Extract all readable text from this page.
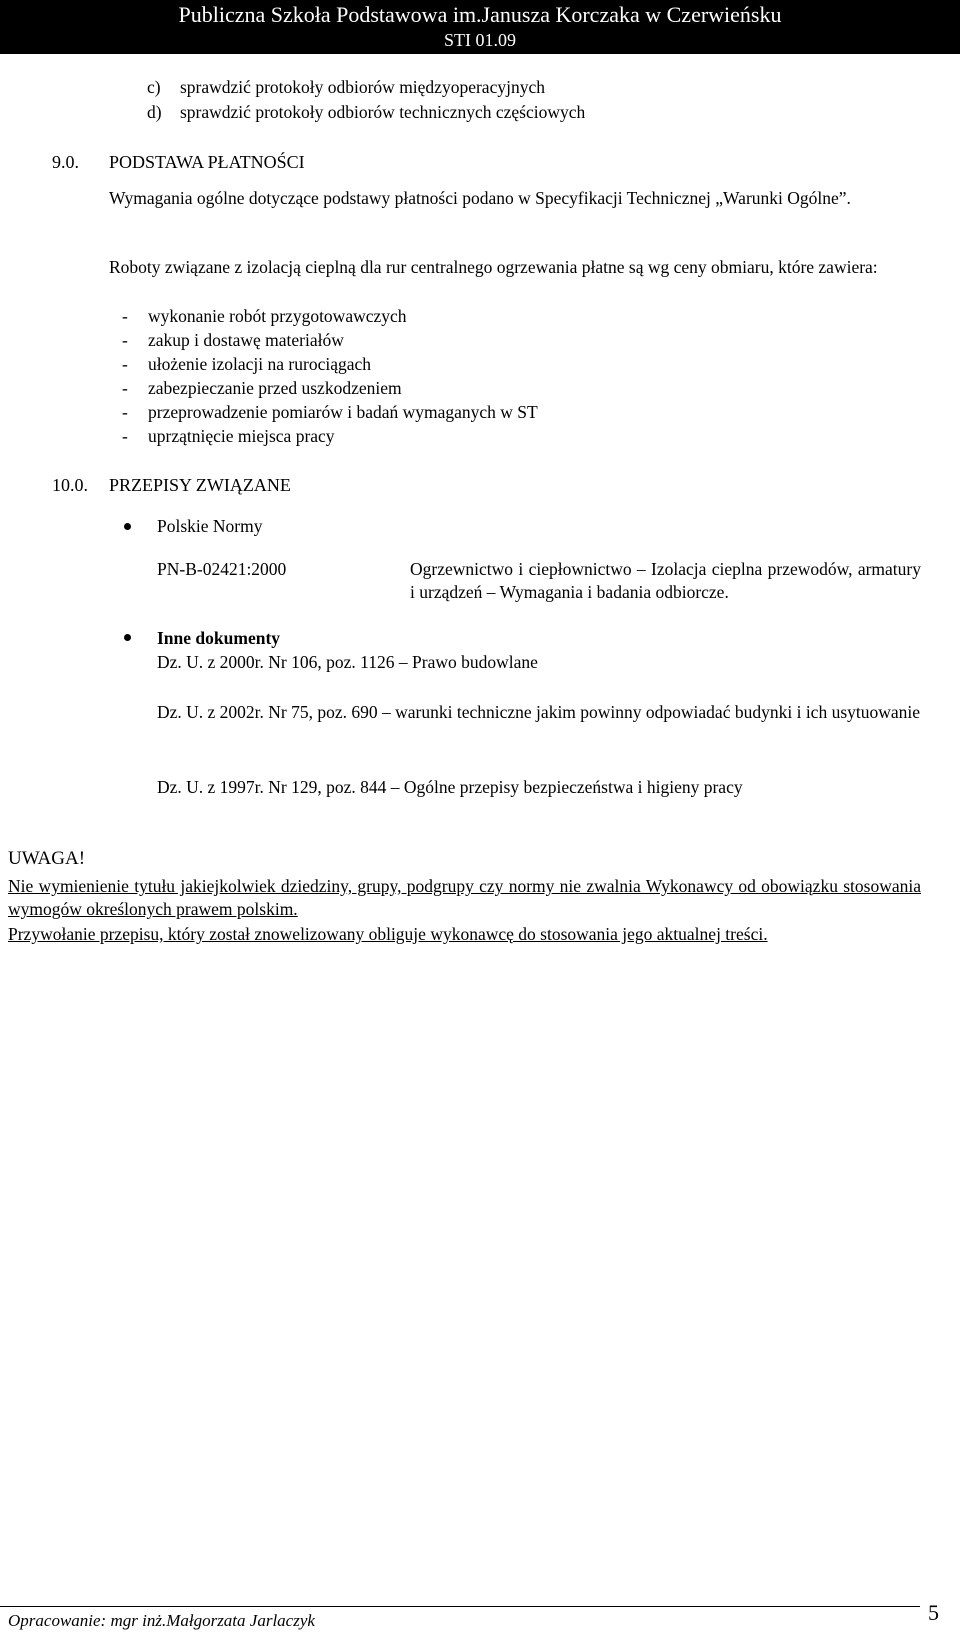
Publiczna Szkoła Podstawowa im.Janusza Korczaka w Czerwieńsku
STI 01.09
c) sprawdzić protokoły odbiorów międzyoperacyjnych
d) sprawdzić protokoły odbiorów technicznych częściowych
9.0. PODSTAWA PŁATNOŚCI
Wymagania ogólne dotyczące podstawy płatności podano w Specyfikacji Technicznej „Warunki Ogólne”.
Roboty związane z izolacją cieplną dla rur centralnego ogrzewania płatne są wg ceny obmiaru, które zawiera:
- wykonanie robót przygotowawczych
- zakup i dostawę materiałów
- ułożenie izolacji na rurociągach
- zabezpieczanie przed uszkodzeniem
- przeprowadzenie pomiarów i badań wymaganych w ST
- uprzątnięcie miejsca pracy
10.0. PRZEPISY ZWIĄZANE
Polskie Normy
PN-B-02421:2000	Ogrzewnictwo i ciepłownictwo – Izolacja cieplna przewodów, armatury i urządzeń – Wymagania i badania odbiorcze.
Inne dokumenty
Dz. U. z 2000r. Nr 106, poz. 1126 – Prawo budowlane
Dz. U. z 2002r. Nr 75, poz. 690 – warunki techniczne jakim powinny odpowiadać budynki i ich usytuowanie
Dz. U. z 1997r. Nr 129, poz. 844 – Ogólne przepisy bezpieczeństwa i higieny pracy
UWAGA!
Nie wymienienie tytułu jakiejkolwiek dziedziny, grupy, podgrupy czy normy nie zwalnia Wykonawcy od obowiązku stosowania wymogów określonych prawem polskim.
Przywołanie przepisu, który został znowelizowany obliguje wykonawcę do stosowania jego aktualnej treści.
Opracowanie: mgr inż.Małgorzata Jarlaczyk	5
